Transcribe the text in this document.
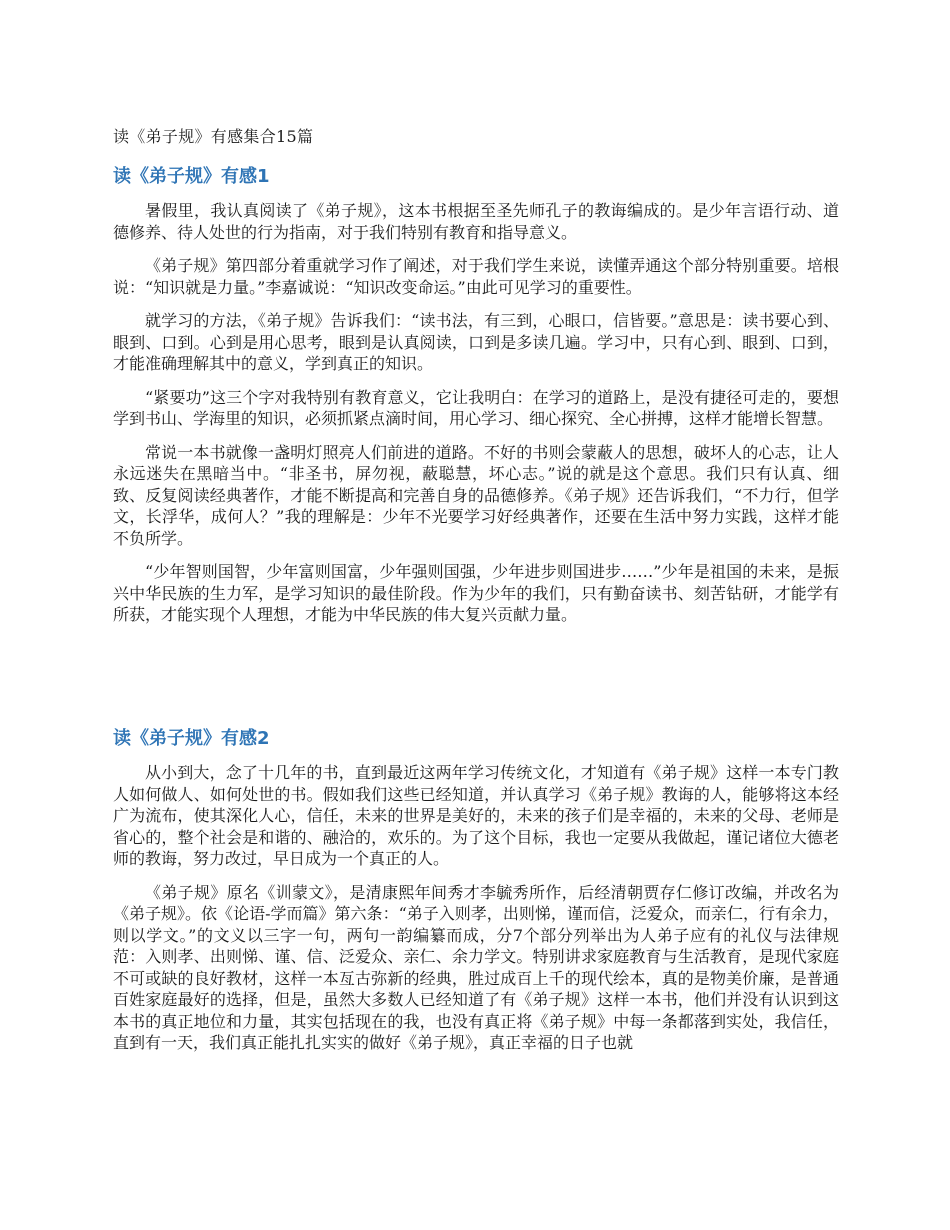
读《弟子规》有感集合15篇
读《弟子规》有感1

暑假里，我认真阅读了《弟子规》，这本书根据至圣先师孔子的教诲编成的。是少年言语行动、道德修养、待人处世的行为指南，对于我们特别有教育和指导意义。

《弟子规》第四部分着重就学习作了阐述，对于我们学生来说，读懂弄通这个部分特别重要。培根说：“知识就是力量。”李嘉诚说：“知识改变命运。”由此可见学习的重要性。

就学习的方法，《弟子规》告诉我们：“读书法，有三到，心眼口，信皆要。”意思是：读书要心到、眼到、口到。心到是用心思考，眼到是认真阅读，口到是多读几遍。学习中，只有心到、眼到、口到，才能准确理解其中的意义，学到真正的知识。

“紧要功”这三个字对我特别有教育意义，它让我明白：在学习的道路上，是没有捷径可走的，要想学到书山、学海里的知识，必须抓紧点滴时间，用心学习、细心探究、全心拼搏，这样才能增长智慧。

常说一本书就像一盏明灯照亮人们前进的道路。不好的书则会蒙蔽人的思想，破坏人的心志，让人永远迷失在黑暗当中。“非圣书，屏勿视，蔽聪慧，坏心志。”说的就是这个意思。我们只有认真、细致、反复阅读经典著作，才能不断提高和完善自身的品德修养。《弟子规》还告诉我们，“不力行，但学文，长浮华，成何人？”我的理解是：少年不光要学习好经典著作，还要在生活中努力实践，这样才能不负所学。

“少年智则国智，少年富则国富，少年强则国强，少年进步则国进步……”少年是祖国的未来，是振兴中华民族的生力军，是学习知识的最佳阶段。作为少年的我们，只有勤奋读书、刻苦钻研，才能学有所获，才能实现个人理想，才能为中华民族的伟大复兴贡献力量。

读《弟子规》有感2

从小到大，念了十几年的书，直到最近这两年学习传统文化，才知道有《弟子规》这样一本专门教人如何做人、如何处世的书。假如我们这些已经知道，并认真学习《弟子规》教诲的人，能够将这本经广为流布，使其深化人心，信任，未来的世界是美好的，未来的孩子们是幸福的，未来的父母、老师是省心的，整个社会是和谐的、融洽的，欢乐的。为了这个目标，我也一定要从我做起，谨记诸位大德老师的教诲，努力改过，早日成为一个真正的人。

《弟子规》原名《训蒙文》，是清康熙年间秀才李毓秀所作，后经清朝贾存仁修订改编，并改名为《弟子规》。依《论语-学而篇》第六条：“弟子入则孝，出则悌，谨而信，泛爱众，而亲仁，行有余力，则以学文。”的文义以三字一句，两句一韵编纂而成，分7个部分列举出为人弟子应有的礼仪与法律规范：入则孝、出则悌、谨、信、泛爱众、亲仁、余力学文。特别讲求家庭教育与生活教育，是现代家庭不可或缺的良好教材，这样一本亙古弥新的经典，胜过成百上千的现代绘本，真的是物美价廉，是普通百姓家庭最好的选择，但是，虽然大多数人已经知道了有《弟子规》这样一本书，他们并没有认识到这本书的真正地位和力量，其实包括现在的我，也没有真正将《弟子规》中每一条都落到实处，我信任，直到有一天，我们真正能扎扎实实的做好《弟子规》，真正幸福的日子也就
